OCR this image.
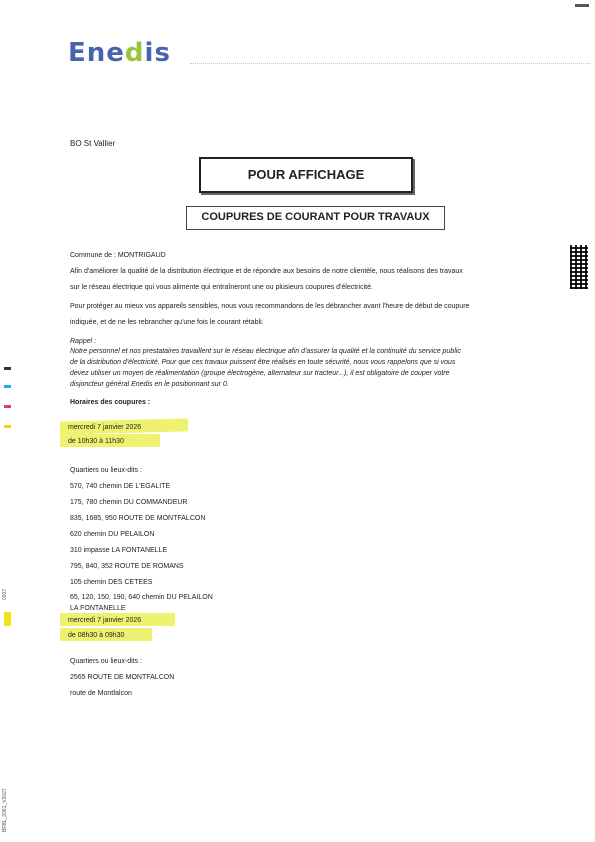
Enedis
BO St Vallier
POUR AFFICHAGE
COUPURES DE COURANT POUR TRAVAUX
Commune de : MONTRIGAUD
Afin d'améliorer la qualité de la distribution électrique et de répondre aux besoins de notre clientèle, nous réalisons des travaux
sur le réseau électrique qui vous alimente qui entraîneront une ou plusieurs coupures d'électricité.
Pour protéger au mieux vos appareils sensibles, nous vous recommandons de les débrancher avant l'heure de début de coupure
indiquée, et de ne les rebrancher qu'une fois le courant rétabli.
Rappel :
Notre personnel et nos prestataires travaillent sur le réseau électrique afin d'assurer la qualité et la continuité du service public
de la distribution d'électricité. Pour que ces travaux puissent être réalisés en toute sécurité, nous vous rappelons que si vous
devez utiliser un moyen de réalimentation (groupe électrogène, alternateur sur tracteur...), il est obligatoire de couper votre
disjoncteur général Enedis en le positionnant sur 0.
Horaires des coupures :
mercredi 7 janvier 2026
de 10h30 à 11h30
Quartiers ou lieux-dits :
570, 740 chemin DE L'EGALITE
175, 780 chemin DU COMMANDEUR
835, 1685, 950 ROUTE DE MONTFALCON
620 chemin DU PELAILON
310 impasse LA FONTANELLE
795, 840, 352 ROUTE DE ROMANS
105 chemin DES CETEES
65, 120, 150, 190, 640 chemin DU PELAILON
LA FONTANELLE
mercredi 7 janvier 2026
de 08h30 à 09h30
Quartiers ou lieux-dits :
2565 ROUTE DE MONTFALCON
route de Montfalcon
BFBL_2061_V2027
0207
